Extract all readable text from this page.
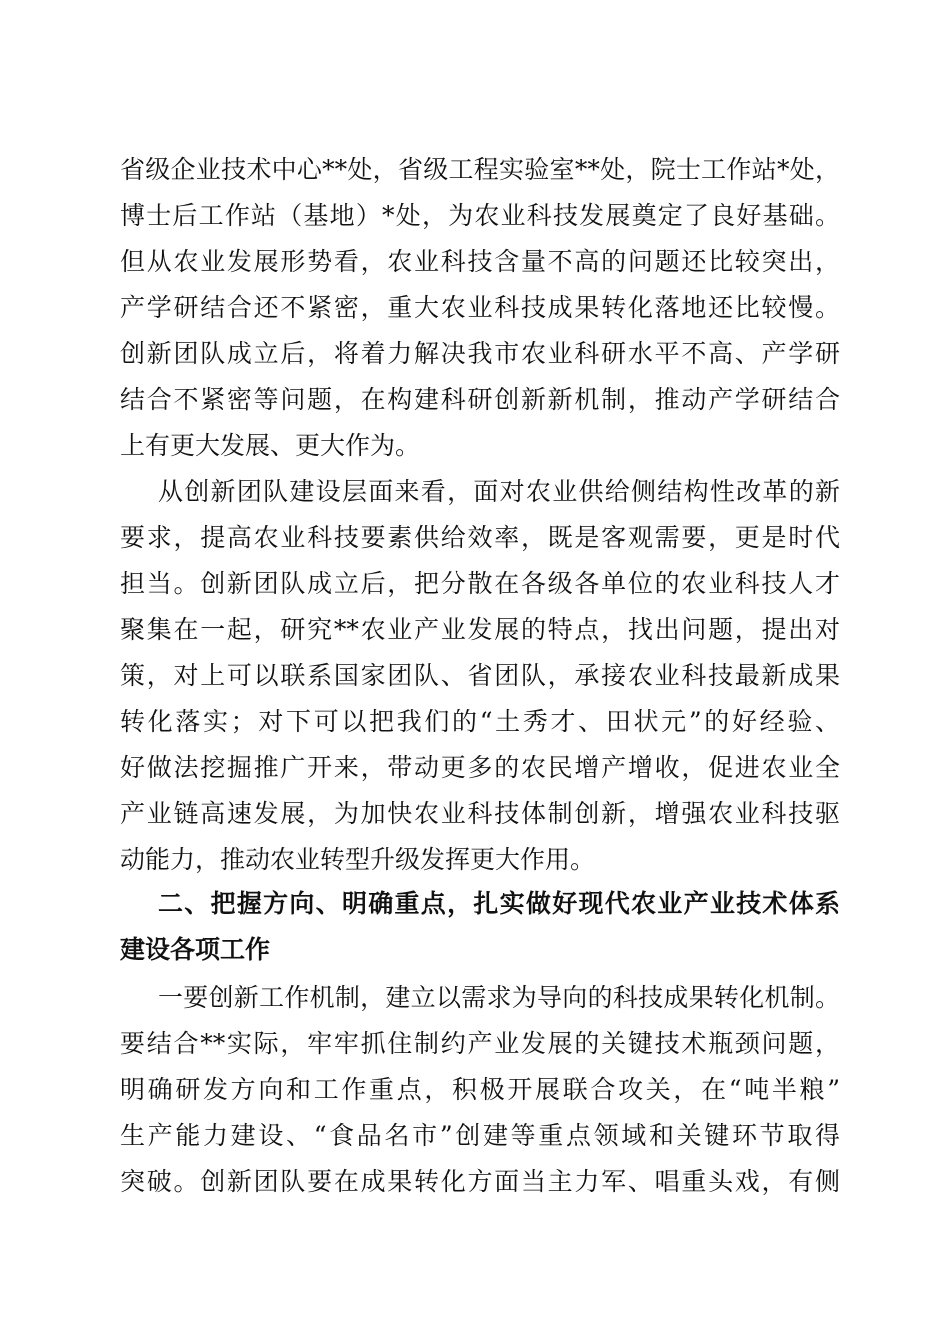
省级企业技术中心**处，省级工程实验室**处，院士工作站*处，
博士后工作站（基地）*处，为农业科技发展奠定了良好基础。
但从农业发展形势看，农业科技含量不高的问题还比较突出，
产学研结合还不紧密，重大农业科技成果转化落地还比较慢。
创新团队成立后，将着力解决我市农业科研水平不高、产学研
结合不紧密等问题，在构建科研创新新机制，推动产学研结合
上有更大发展、更大作为。
从创新团队建设层面来看，面对农业供给侧结构性改革的新
要求，提高农业科技要素供给效率，既是客观需要，更是时代
担当。创新团队成立后，把分散在各级各单位的农业科技人才
聚集在一起，研究**农业产业发展的特点，找出问题，提出对
策，对上可以联系国家团队、省团队，承接农业科技最新成果
转化落实；对下可以把我们的“土秀才、田状元”的好经验、
好做法挖掘推广开来，带动更多的农民增产增收，促进农业全
产业链高速发展，为加快农业科技体制创新，增强农业科技驱
动能力，推动农业转型升级发挥更大作用。
二、把握方向、明确重点，扎实做好现代农业产业技术体系
建设各项工作
一要创新工作机制，建立以需求为导向的科技成果转化机制。
要结合**实际，牢牢抓住制约产业发展的关键技术瓶颈问题，
明确研发方向和工作重点，积极开展联合攻关，在“吨半粮”
生产能力建设、“食品名市”创建等重点领域和关键环节取得
突破。创新团队要在成果转化方面当主力军、唱重头戏，有侧
